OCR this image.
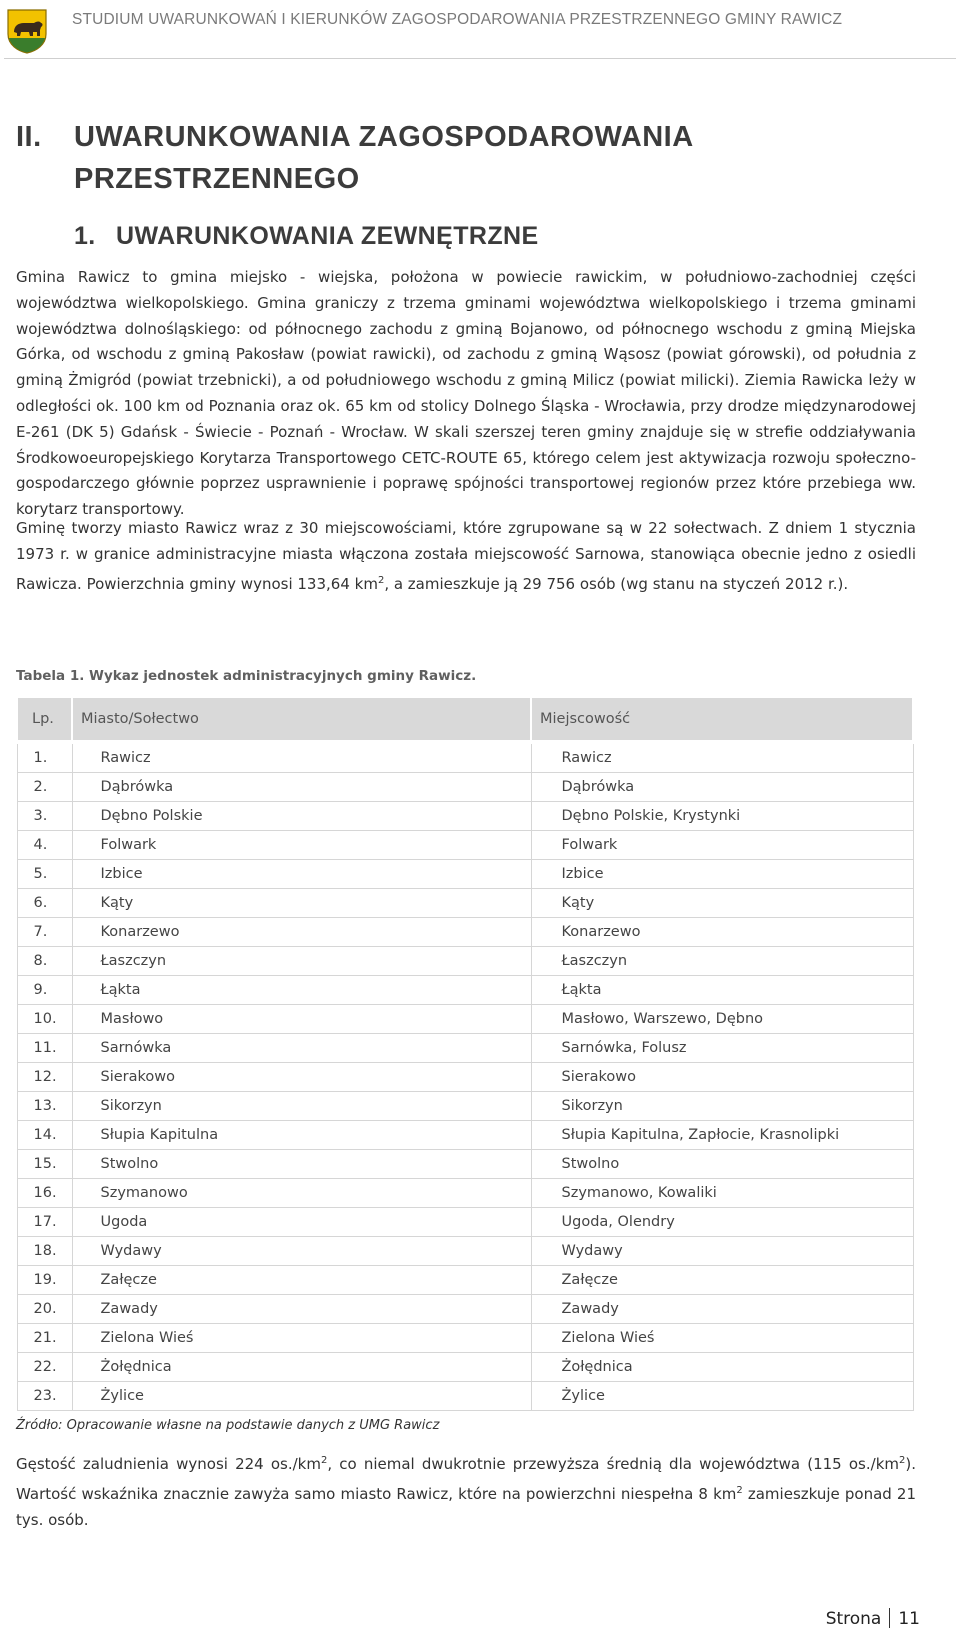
STUDIUM UWARUNKOWAŃ I KIERUNKÓW ZAGOSPODAROWANIA PRZESTRZENNEGO GMINY RAWICZ
II. UWARUNKOWANIA ZAGOSPODAROWANIA
PRZESTRZENNEGO
1. UWARUNKOWANIA ZEWNĘTRZNE

Gmina Rawicz to gmina miejsko - wiejska, położona w powiecie rawickim, w południowo-zachodniej części województwa wielkopolskiego. Gmina graniczy z trzema gminami województwa wielkopolskiego i trzema gminami województwa dolnośląskiego: od północnego zachodu z gminą Bojanowo, od północnego wschodu z gminą Miejska Górka, od wschodu z gminą Pakosław (powiat rawicki), od zachodu z gminą Wąsosz (powiat górowski), od południa z gminą Żmigród (powiat trzebnicki), a od południowego wschodu z gminą Milicz (powiat milicki). Ziemia Rawicka leży w odległości ok. 100 km od Poznania oraz ok. 65 km od stolicy Dolnego Śląska - Wrocławia, przy drodze międzynarodowej E-261 (DK 5) Gdańsk - Świecie - Poznań - Wrocław. W skali szerszej teren gminy znajduje się w strefie oddziaływania Środkowoeuropejskiego Korytarza Transportowego CETC-ROUTE 65, którego celem jest aktywizacja rozwoju społeczno-gospodarczego głównie poprzez usprawnienie i poprawę spójności transportowej regionów przez które przebiega ww. korytarz transportowy.

Gminę tworzy miasto Rawicz wraz z 30 miejscowościami, które zgrupowane są w 22 sołectwach. Z dniem 1 stycznia 1973 r. w granice administracyjne miasta włączona została miejscowość Sarnowa, stanowiąca obecnie jedno z osiedli Rawicza. Powierzchnia gminy wynosi 133,64 $km^2$, a zamieszkuje ją 29 756 osób (wg stanu na styczeń 2012 r.).

Tabela 1. Wykaz jednostek administracyjnych gminy Rawicz.
Lp.	Miasto/Sołectwo	Miejscowość
1.	Rawicz	Rawicz
2.	Dąbrówka	Dąbrówka
3.	Dębno Polskie	Dębno Polskie, Krystynki
4.	Folwark	Folwark
5.	Izbice	Izbice
6.	Kąty	Kąty
7.	Konarzewo	Konarzewo
8.	Łaszczyn	Łaszczyn
9.	Łąkta	Łąkta
10.	Masłowo	Masłowo, Warszewo, Dębno
11.	Sarnówka	Sarnówka, Folusz
12.	Sierakowo	Sierakowo
13.	Sikorzyn	Sikorzyn
14.	Słupia Kapitulna	Słupia Kapitulna, Zapłocie, Krasnolipki
15.	Stwolno	Stwolno
16.	Szymanowo	Szymanowo, Kowaliki
17.	Ugoda	Ugoda, Olendry
18.	Wydawy	Wydawy
19.	Załęcze	Załęcze
20.	Zawady	Zawady
21.	Zielona Wieś	Zielona Wieś
22.	Żołędnica	Żołędnica
23.	Żylice	Żylice
Źródło: Opracowanie własne na podstawie danych z UMG Rawicz

Gęstość zaludnienia wynosi 224 $os./km^2$, co niemal dwukrotnie przewyższa średnią dla województwa (115 $os./km^2$). Wartość wskaźnika znacznie zawyża samo miasto Rawicz, które na powierzchni niespełna 8 $km^2$ zamieszkuje ponad 21 tys. osób.

Strona 11
